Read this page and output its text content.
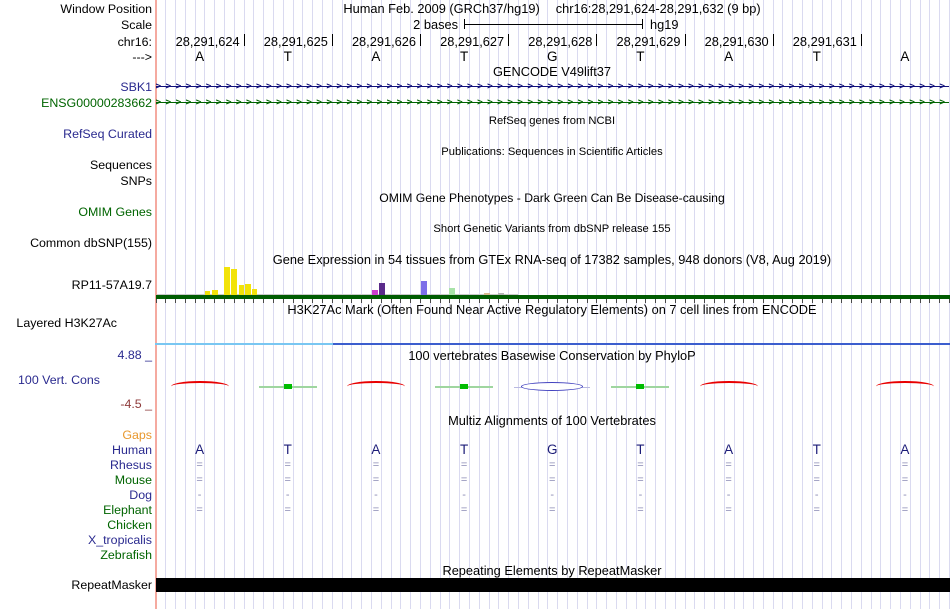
Window Position	Human Feb. 2009 (GRCh37/hg19) chr16:28,291,624-28,291,632 (9 bp)
Scale	2 bases	hg19
chr16:	28,291,624	28,291,625	28,291,626	28,291,627	28,291,628	28,291,629	28,291,630	28,291,631
--->	A	T	A	T	G	T	A	T	A
GENCODE V49lift37
SBK1
ENSG00000283662
RefSeq genes from NCBI
RefSeq Curated
Publications: Sequences in Scientific Articles
Sequences
SNPs
OMIM Gene Phenotypes - Dark Green Can Be Disease-causing
OMIM Genes
Short Genetic Variants from dbSNP release 155
Common dbSNP(155)
Gene Expression in 54 tissues from GTEx RNA-seq of 17382 samples, 948 donors (V8, Aug 2019)
RP11-57A19.7
H3K27Ac Mark (Often Found Near Active Regulatory Elements) on 7 cell lines from ENCODE
Layered H3K27Ac
100 vertebrates Basewise Conservation by PhyloP
4.88 _
100 Vert. Cons
-4.5 _
Multiz Alignments of 100 Vertebrates
Gaps
Human	A	T	A	T	G	T	A	T	A
Rhesus	=	=	=	=	=	=	=	=	=
Mouse	=	=	=	=	=	=	=	=	=
Dog	-	-	-	-	-	-	-	-	-
Elephant	=	=	=	=	=	=	=	=	=
Chicken
X_tropicalis
Zebrafish
Repeating Elements by RepeatMasker
RepeatMasker
